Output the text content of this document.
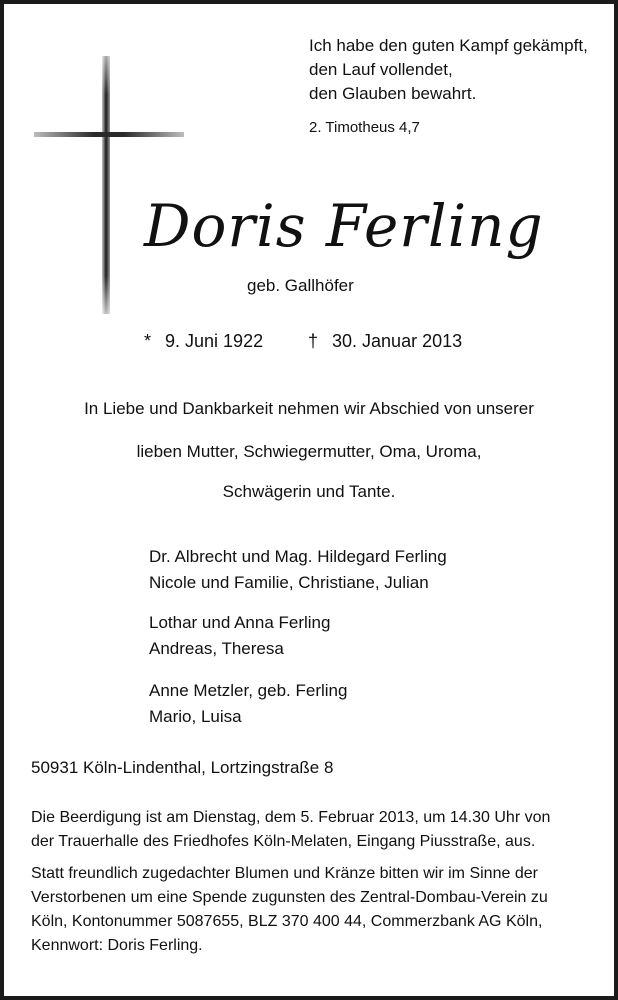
Ich habe den guten Kampf gekämpft,
den Lauf vollendet,
den Glauben bewahrt.
2. Timotheus 4,7
Doris Ferling
geb. Gallhöfer
* 9. Juni 1922 † 30. Januar 2013
In Liebe und Dankbarkeit nehmen wir Abschied von unserer
lieben Mutter, Schwiegermutter, Oma, Uroma,
Schwägerin und Tante.
Dr. Albrecht und Mag. Hildegard Ferling
Nicole und Familie, Christiane, Julian
Lothar und Anna Ferling
Andreas, Theresa
Anne Metzler, geb. Ferling
Mario, Luisa
50931 Köln-Lindenthal, Lortzingstraße 8
Die Beerdigung ist am Dienstag, dem 5. Februar 2013, um 14.30 Uhr von
der Trauerhalle des Friedhofes Köln-Melaten, Eingang Piusstraße, aus.
Statt freundlich zugedachter Blumen und Kränze bitten wir im Sinne der
Verstorbenen um eine Spende zugunsten des Zentral-Dombau-Verein zu
Köln, Kontonummer 5087655, BLZ 370 400 44, Commerzbank AG Köln,
Kennwort: Doris Ferling.
